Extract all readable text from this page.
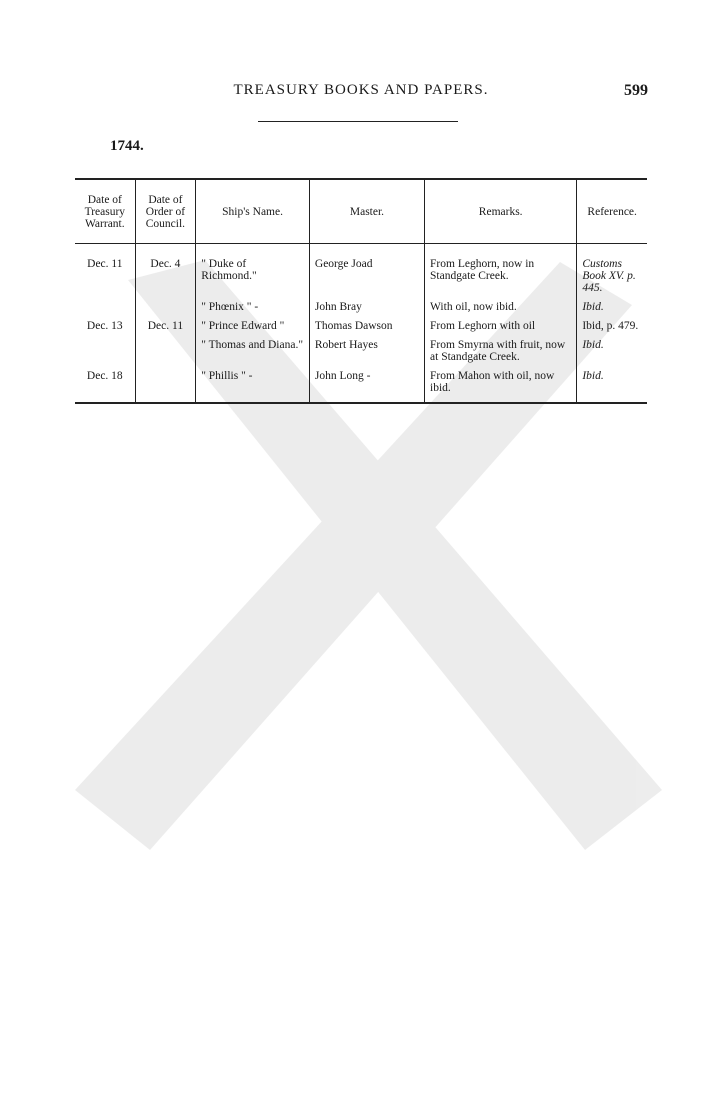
TREASURY BOOKS AND PAPERS.	599
1744.
Date of Treasury Warrant.	Date of Order of Council.	Ship's Name.	Master.	Remarks.	Reference.
Dec. 11	Dec. 4	" Duke of Richmond."	George Joad	From Leghorn, now in Standgate Creek.	Customs Book XV. p. 445.
		" Phœnix " -	John Bray	With oil, now ibid.	Ibid.
Dec. 13	Dec. 11	" Prince Edward "	Thomas Dawson	From Leghorn with oil	Ibid, p. 479.
		" Thomas and Diana."	Robert Hayes	From Smyrna with fruit, now at Standgate Creek.	Ibid.
Dec. 18		" Phillis " -	John Long -	From Mahon with oil, now ibid.	Ibid.
